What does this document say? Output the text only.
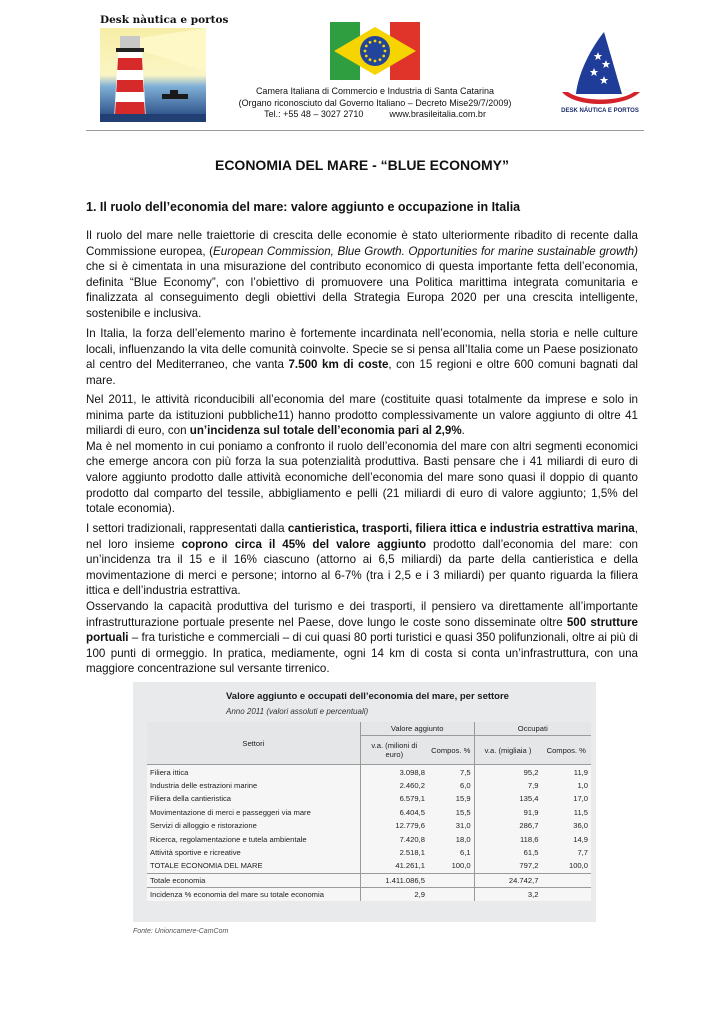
Desk nàutica e portos
Camera Italiana di Commercio e Industria di Santa Catarina
(Organo riconosciuto dal Governo Italiano – Decreto Mise29/7/2009)
Tel.: +55 48 – 3027 2710	www.brasileitalia.com.br	DESK NÁUTICA E PORTOS
ECONOMIA DEL MARE - “BLUE ECONOMY”
1. Il ruolo dell’economia del mare: valore aggiunto e occupazione in Italia
Il ruolo del mare nelle traiettorie di crescita delle economie è stato ulteriormente ribadito di recente dalla Commissione europea, (European Commission, Blue Growth. Opportunities for marine sustainable growth) che si è cimentata in una misurazione del contributo economico di questa importante fetta dell’economia, definita “Blue Economy”, con l’obiettivo di promuovere una Politica marittima integrata comunitaria e finalizzata al conseguimento degli obiettivi della Strategia Europa 2020 per una crescita intelligente, sostenibile e inclusiva.
In Italia, la forza dell’elemento marino è fortemente incardinata nell’economia, nella storia e nelle culture locali, influenzando la vita delle comunità coinvolte. Specie se si pensa all’Italia come un Paese posizionato al centro del Mediterraneo, che vanta 7.500 km di coste, con 15 regioni e oltre 600 comuni bagnati dal mare.
Nel 2011, le attività riconducibili all’economia del mare (costituite quasi totalmente da imprese e solo in minima parte da istituzioni pubbliche11) hanno prodotto complessivamente un valore aggiunto di oltre 41 miliardi di euro, con un’incidenza sul totale dell’economia pari al 2,9%.
Ma è nel momento in cui poniamo a confronto il ruolo dell’economia del mare con altri segmenti economici che emerge ancora con più forza la sua potenzialità produttiva. Basti pensare che i 41 miliardi di euro di valore aggiunto prodotto dalle attività economiche dell’economia del mare sono quasi il doppio di quanto prodotto dal comparto del tessile, abbigliamento e pelli (21 miliardi di euro di valore aggiunto; 1,5% del totale economia).
I settori tradizionali, rappresentati dalla cantieristica, trasporti, filiera ittica e industria estrattiva marina, nel loro insieme coprono circa il 45% del valore aggiunto prodotto dall’economia del mare: con un’incidenza tra il 15 e il 16% ciascuno (attorno ai 6,5 miliardi) da parte della cantieristica e della movimentazione di merci e persone; intorno al 6-7% (tra i 2,5 e i 3 miliardi) per quanto riguarda la filiera ittica e dell’industria estrattiva.
Osservando la capacità produttiva del turismo e dei trasporti, il pensiero va direttamente all’importante infrastrutturazione portuale presente nel Paese, dove lungo le coste sono disseminate oltre 500 strutture portuali – fra turistiche e commerciali – di cui quasi 80 porti turistici e quasi 350 polifunzionali, oltre ai più di 100 punti di ormeggio. In pratica, mediamente, ogni 14 km di costa si conta un’infrastruttura, con una maggiore concentrazione sul versante tirrenico.
Valore aggiunto e occupati dell’economia del mare, per settore
Anno 2011 (valori assoluti e percentuali)
Settori	Valore aggiunto		Occupati	
	v.a. (milioni di euro)	Compos. %	v.a. (migliaia )	Compos. %
Filiera ittica	3.098,8	7,5	95,2	11,9
Industria delle estrazioni marine	2.460,2	6,0	7,9	1,0
Filiera della cantieristica	6.579,1	15,9	135,4	17,0
Movimentazione di merci e passeggeri via mare	6.404,5	15,5	91,9	11,5
Servizi di alloggio e ristorazione	12.779,6	31,0	286,7	36,0
Ricerca, regolamentazione e tutela ambientale	7.420,8	18,0	118,6	14,9
Attività sportive e ricreative	2.518,1	6,1	61,5	7,7
TOTALE ECONOMIA DEL MARE	41.261,1	100,0	797,2	100,0
Totale economia	1.411.086,5		24.742,7	
Incidenza % economia del mare su totale economia	2,9		3,2	
Fonte: Unioncamere-CamCom
